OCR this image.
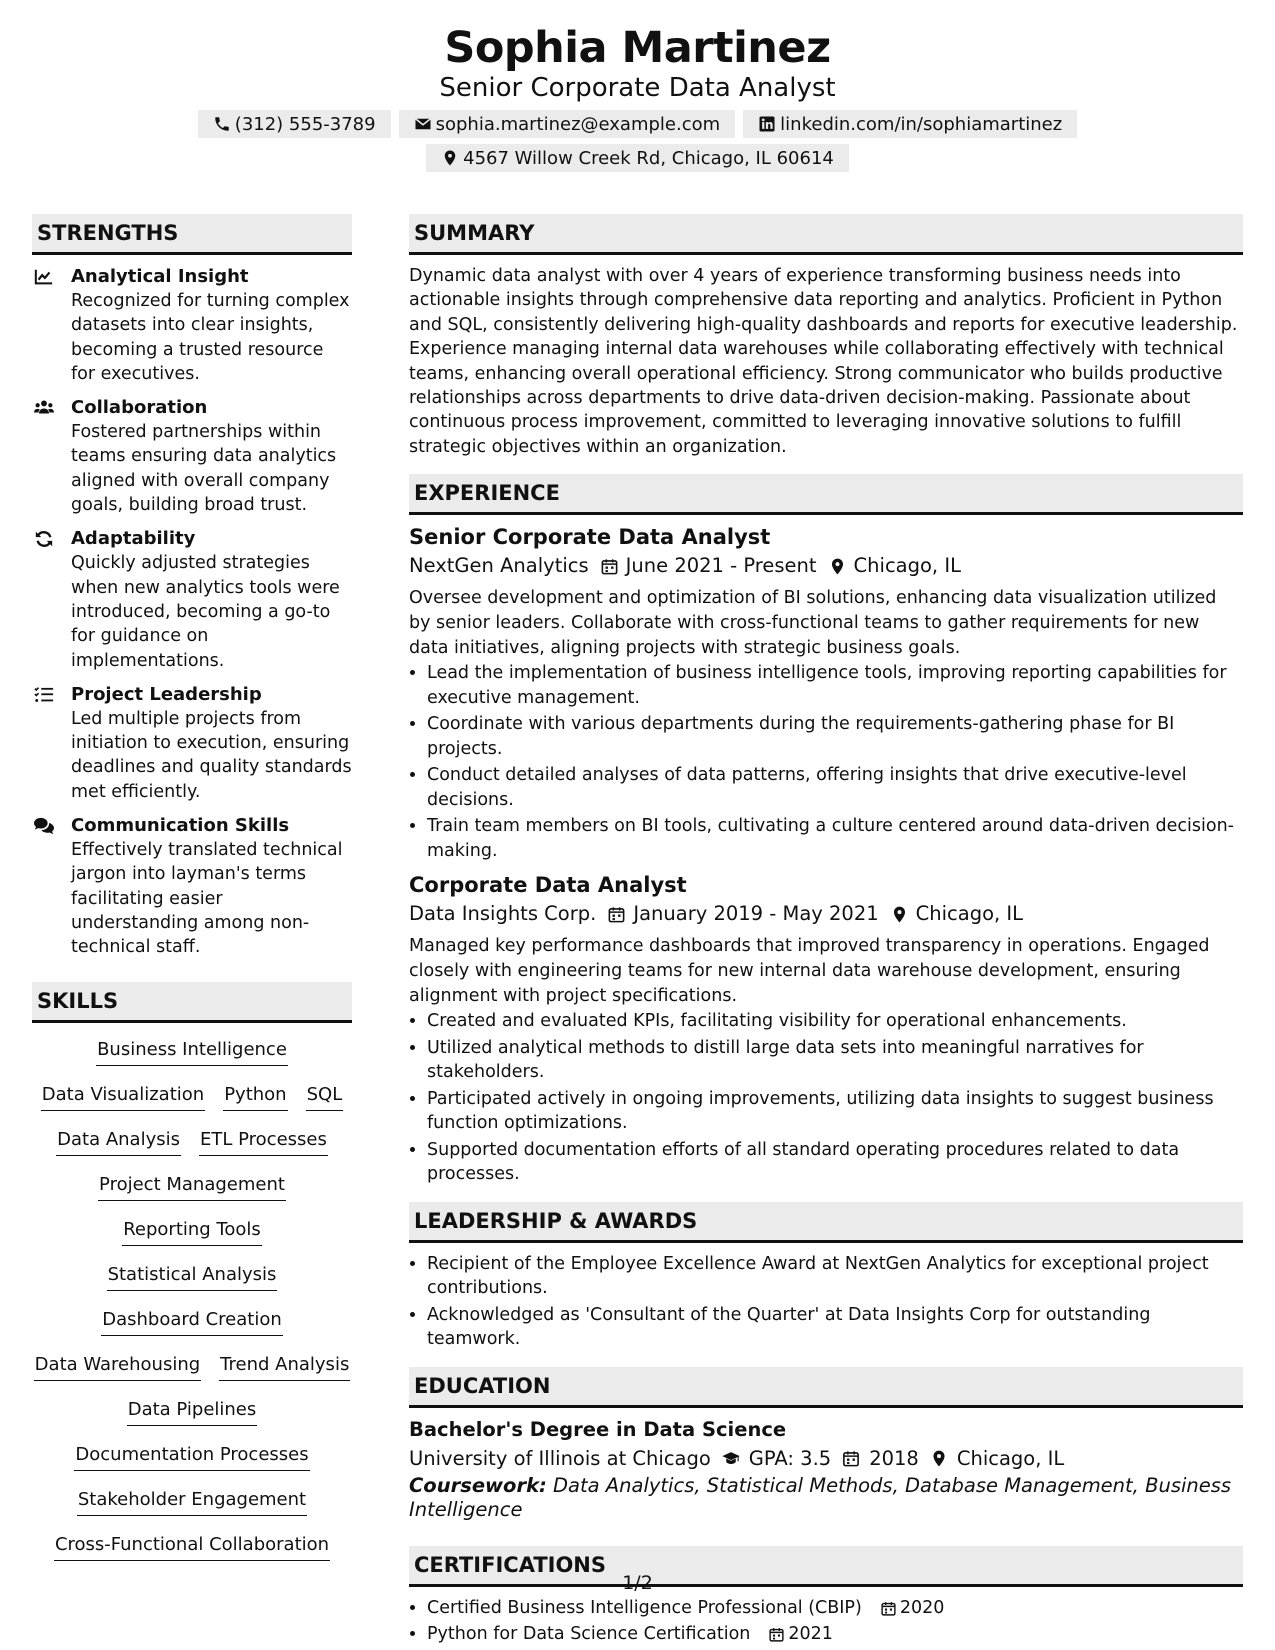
Sophia Martinez
Senior Corporate Data Analyst
(312) 555-3789	sophia.martinez@example.com	linkedin.com/in/sophiamartinez
4567 Willow Creek Rd, Chicago, IL 60614
STRENGTHS
Analytical Insight
Recognized for turning complex datasets into clear insights, becoming a trusted resource for executives.
Collaboration
Fostered partnerships within teams ensuring data analytics aligned with overall company goals, building broad trust.
Adaptability
Quickly adjusted strategies when new analytics tools were introduced, becoming a go-to for guidance on implementations.
Project Leadership
Led multiple projects from initiation to execution, ensuring deadlines and quality standards met efficiently.
Communication Skills
Effectively translated technical jargon into layman's terms facilitating easier understanding among non-technical staff.
SKILLS
Business Intelligence
Data Visualization Python SQL
Data Analysis ETL Processes
Project Management
Reporting Tools
Statistical Analysis
Dashboard Creation
Data Warehousing Trend Analysis
Data Pipelines
Documentation Processes
Stakeholder Engagement
Cross-Functional Collaboration
SUMMARY
Dynamic data analyst with over 4 years of experience transforming business needs into actionable insights through comprehensive data reporting and analytics. Proficient in Python and SQL, consistently delivering high-quality dashboards and reports for executive leadership. Experience managing internal data warehouses while collaborating effectively with technical teams, enhancing overall operational efficiency. Strong communicator who builds productive relationships across departments to drive data-driven decision-making. Passionate about continuous process improvement, committed to leveraging innovative solutions to fulfill strategic objectives within an organization.
EXPERIENCE
Senior Corporate Data Analyst
NextGen Analytics June 2021 - Present Chicago, IL
Oversee development and optimization of BI solutions, enhancing data visualization utilized by senior leaders. Collaborate with cross-functional teams to gather requirements for new data initiatives, aligning projects with strategic business goals.
• Lead the implementation of business intelligence tools, improving reporting capabilities for executive management.
• Coordinate with various departments during the requirements-gathering phase for BI projects.
• Conduct detailed analyses of data patterns, offering insights that drive executive-level decisions.
• Train team members on BI tools, cultivating a culture centered around data-driven decision-making.
Corporate Data Analyst
Data Insights Corp. January 2019 - May 2021 Chicago, IL
Managed key performance dashboards that improved transparency in operations. Engaged closely with engineering teams for new internal data warehouse development, ensuring alignment with project specifications.
• Created and evaluated KPIs, facilitating visibility for operational enhancements.
• Utilized analytical methods to distill large data sets into meaningful narratives for stakeholders.
• Participated actively in ongoing improvements, utilizing data insights to suggest business function optimizations.
• Supported documentation efforts of all standard operating procedures related to data processes.
LEADERSHIP & AWARDS
• Recipient of the Employee Excellence Award at NextGen Analytics for exceptional project contributions.
• Acknowledged as 'Consultant of the Quarter' at Data Insights Corp for outstanding teamwork.
EDUCATION
Bachelor's Degree in Data Science
University of Illinois at Chicago GPA: 3.5 2018 Chicago, IL
Coursework: Data Analytics, Statistical Methods, Database Management, Business Intelligence
CERTIFICATIONS
• Certified Business Intelligence Professional (CBIP) 2020
• Python for Data Science Certification 2021
1/2
